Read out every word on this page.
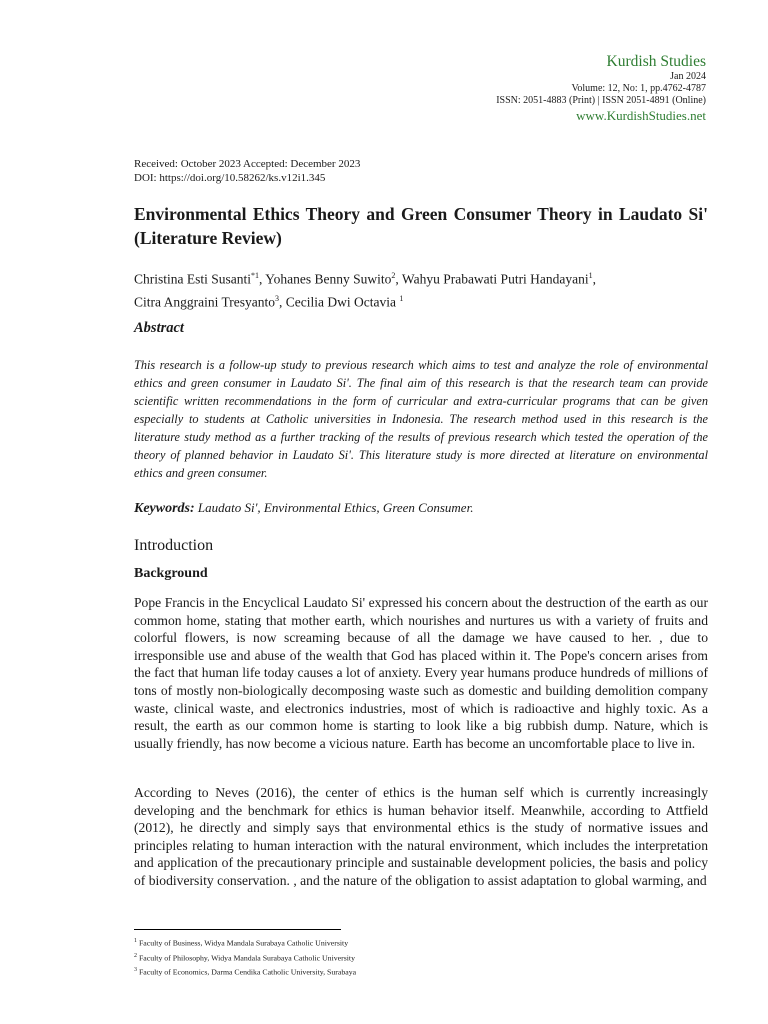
Kurdish Studies
Jan 2024
Volume: 12, No: 1, pp.4762-4787
ISSN: 2051-4883 (Print) | ISSN 2051-4891 (Online)
www.KurdishStudies.net
Received: October 2023 Accepted: December 2023
DOI: https://doi.org/10.58262/ks.v12i1.345
Environmental Ethics Theory and Green Consumer Theory in Laudato Si' (Literature Review)
Christina Esti Susanti$^{*1}$, Yohanes Benny Suwito$^2$, Wahyu Prabawati Putri Handayani$^1$,
Citra Anggraini Tresyanto$^3$, Cecilia Dwi Octavia $^1$
Abstract

This research is a follow-up study to previous research which aims to test and analyze the role of environmental ethics and green consumer in Laudato Si'. The final aim of this research is that the research team can provide scientific written recommendations in the form of curricular and extra-curricular programs that can be given especially to students at Catholic universities in Indonesia. The research method used in this research is the literature study method as a further tracking of the results of previous research which tested the operation of the theory of planned behavior in Laudato Si'. This literature study is more directed at literature on environmental ethics and green consumer.

Keywords: Laudato Si', Environmental Ethics, Green Consumer.
Introduction
Background

Pope Francis in the Encyclical Laudato Si' expressed his concern about the destruction of the earth as our common home, stating that mother earth, which nourishes and nurtures us with a variety of fruits and colorful flowers, is now screaming because of all the damage we have caused to her. , due to irresponsible use and abuse of the wealth that God has placed within it. The Pope's concern arises from the fact that human life today causes a lot of anxiety. Every year humans produce hundreds of millions of tons of mostly non-biologically decomposing waste such as domestic and building demolition company waste, clinical waste, and electronics industries, most of which is radioactive and highly toxic. As a result, the earth as our common home is starting to look like a big rubbish dump. Nature, which is usually friendly, has now become a vicious nature. Earth has become an uncomfortable place to live in.

According to Neves (2016), the center of ethics is the human self which is currently increasingly developing and the benchmark for ethics is human behavior itself. Meanwhile, according to Attfield (2012), he directly and simply says that environmental ethics is the study of normative issues and principles relating to human interaction with the natural environment, which includes the interpretation and application of the precautionary principle and sustainable development policies, the basis and policy of biodiversity conservation. , and the nature of the obligation to assist adaptation to global warming, and

$^1$ Faculty of Business, Widya Mandala Surabaya Catholic University
$^2$ Faculty of Philosophy, Widya Mandala Surabaya Catholic University
$^3$ Faculty of Economics, Darma Cendika Catholic University, Surabaya
